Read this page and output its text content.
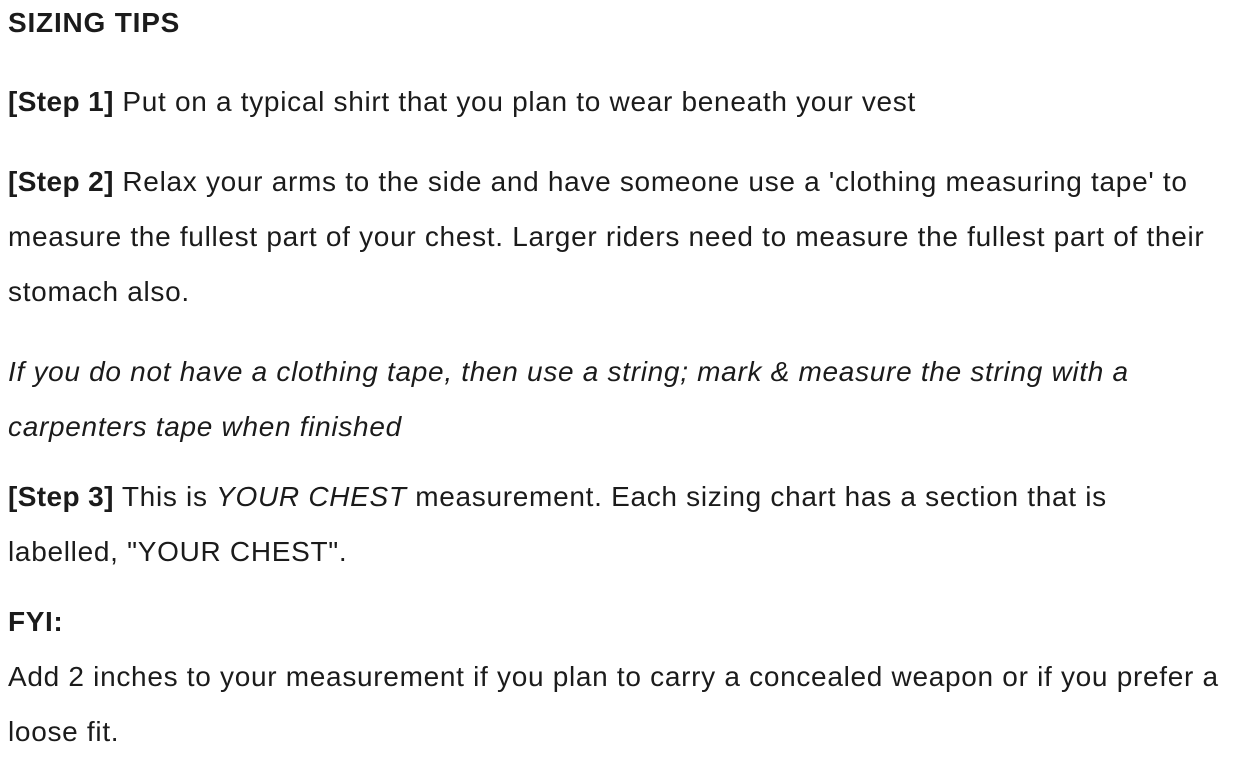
SIZING TIPS

[Step 1] Put on a typical shirt that you plan to wear beneath your vest

[Step 2] Relax your arms to the side and have someone use a 'clothing measuring tape' to measure the fullest part of your chest. Larger riders need to measure the fullest part of their stomach also.

If you do not have a clothing tape, then use a string; mark & measure the string with a carpenters tape when finished

[Step 3] This is YOUR CHEST measurement. Each sizing chart has a section that is labelled, "YOUR CHEST".

FYI:
Add 2 inches to your measurement if you plan to carry a concealed weapon or if you prefer a loose fit.
